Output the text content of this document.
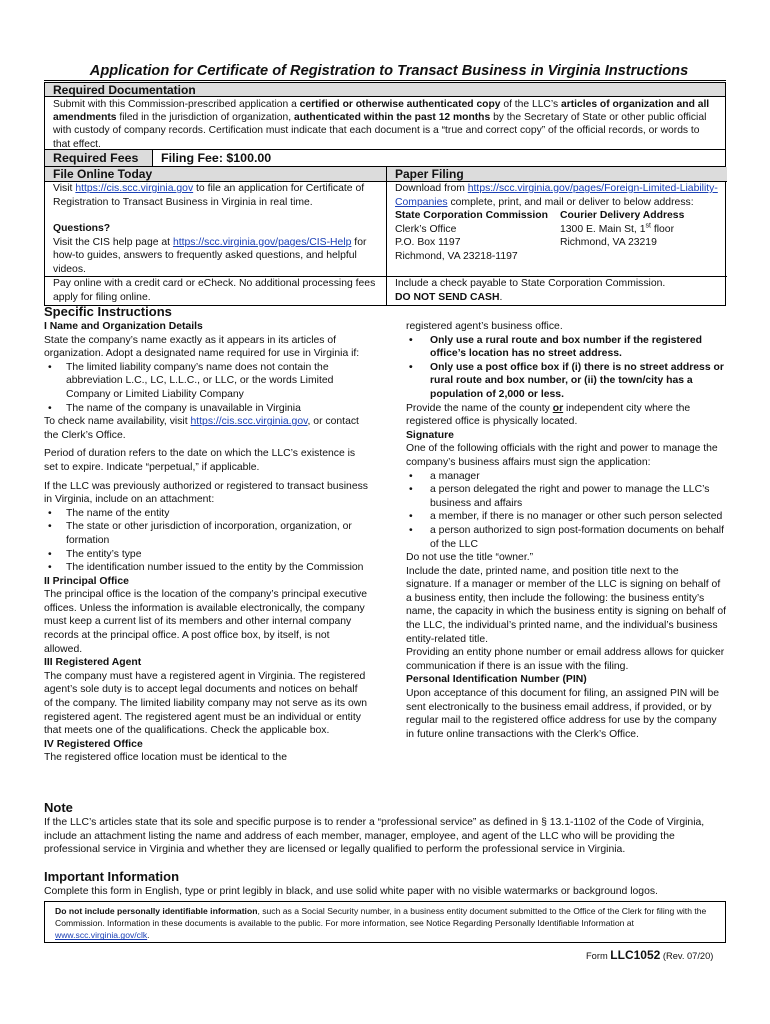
Application for Certificate of Registration to Transact Business in Virginia Instructions
Required Documentation
Submit with this Commission-prescribed application a certified or otherwise authenticated copy of the LLC’s articles of organization and all amendments filed in the jurisdiction of organization, authenticated within the past 12 months by the Secretary of State or other public official with custody of company records. Certification must indicate that each document is a “true and correct copy” of the official records, or words to that effect.
Required Fees	Filing Fee: $100.00
File Online Today	Paper Filing
Visit https://cis.scc.virginia.gov to file an application for Certificate of Registration to Transact Business in Virginia in real time.
Questions?
Visit the CIS help page at https://scc.virginia.gov/pages/CIS-Help for how-to guides, answers to frequently asked questions, and helpful videos.
Download from https://scc.virginia.gov/pages/Foreign-Limited-Liability-Companies complete, print, and mail or deliver to below address:
State Corporation Commission
Clerk’s Office
P.O. Box 1197
Richmond, VA 23218-1197
Courier Delivery Address
1300 E. Main St, 1st floor
Richmond, VA 23219
Pay online with a credit card or eCheck. No additional processing fees apply for filing online.
Include a check payable to State Corporation Commission.
DO NOT SEND CASH.
Specific Instructions

I Name and Organization Details

State the company’s name exactly as it appears in its articles of organization. Adopt a designated name required for use in Virginia if:

• The limited liability company’s name does not contain the abbreviation L.C., LC, L.L.C., or LLC, or the words Limited Company or Limited Liability Company
• The name of the company is unavailable in Virginia

To check name availability, visit https://cis.scc.virginia.gov, or contact the Clerk’s Office.

Period of duration refers to the date on which the LLC’s existence is set to expire. Indicate “perpetual,” if applicable.

If the LLC was previously authorized or registered to transact business in Virginia, include on an attachment:

• The name of the entity
• The state or other jurisdiction of incorporation, organization, or formation
• The entity’s type
• The identification number issued to the entity by the Commission

II Principal Office

The principal office is the location of the company’s principal executive offices. Unless the information is available electronically, the company must keep a current list of its members and other internal company records at the principal office. A post office box, by itself, is not allowed.

III Registered Agent

The company must have a registered agent in Virginia. The registered agent’s sole duty is to accept legal documents and notices on behalf of the company. The limited liability company may not serve as its own registered agent. The registered agent must be an individual or entity that meets one of the qualifications. Check the applicable box.

IV Registered Office

The registered office location must be identical to the

registered agent’s business office.

• Only use a rural route and box number if the registered office’s location has no street address.
• Only use a post office box if (i) there is no street address or rural route and box number, or (ii) the town/city has a population of 2,000 or less.

Provide the name of the county or independent city where the registered office is physically located.

Signature

One of the following officials with the right and power to manage the company’s business affairs must sign the application:

• a manager
• a person delegated the right and power to manage the LLC’s business and affairs
• a member, if there is no manager or other such person selected
• a person authorized to sign post-formation documents on behalf of the LLC

Do not use the title “owner.”

Include the date, printed name, and position title next to the signature. If a manager or member of the LLC is signing on behalf of a business entity, then include the following: the business entity’s name, the capacity in which the business entity is signing on behalf of the LLC, the individual’s printed name, and the individual’s business entity-related title.

Providing an entity phone number or email address allows for quicker communication if there is an issue with the filing.

Personal Identification Number (PIN)

Upon acceptance of this document for filing, an assigned PIN will be sent electronically to the business email address, if provided, or by regular mail to the registered office address for use by the company in future online transactions with the Clerk’s Office.

Note
If the LLC’s articles state that its sole and specific purpose is to render a “professional service” as defined in § 13.1-1102 of the Code of Virginia, include an attachment listing the name and address of each member, manager, employee, and agent of the LLC who will be providing the professional service in Virginia and whether they are licensed or legally qualified to perform the professional service in Virginia.
Important Information
Complete this form in English, type or print legibly in black, and use solid white paper with no visible watermarks or background logos.
Do not include personally identifiable information, such as a Social Security number, in a business entity document submitted to the Office of the Clerk for filing with the Commission. Information in these documents is available to the public. For more information, see Notice Regarding Personally Identifiable Information at www.scc.virginia.gov/clk.
Form LLC1052 (Rev. 07/20)
